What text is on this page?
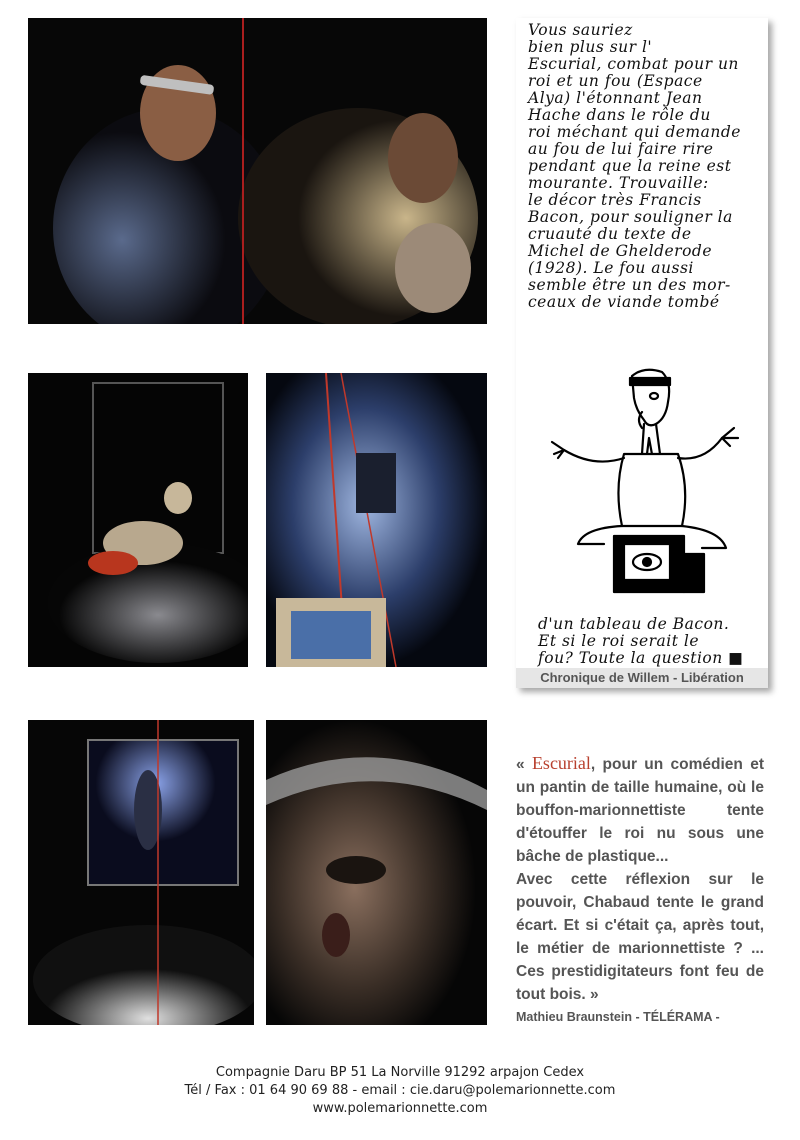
Vous sauriez
bien plus sur l'
Escurial, combat pour un
roi et un fou (Espace
Alya) l'étonnant Jean
Hache dans le rôle du
roi méchant qui demande
au fou de lui faire rire
pendant que la reine est
mourante. Trouvaille:
le décor très Francis
Bacon, pour souligner la
cruauté du texte de
Michel de Ghelderode
(1928). Le fou aussi
semble être un des mor-
ceaux de viande tombé
d'un tableau de Bacon.
Et si le roi serait le
fou? Toute la question ■
Chronique de Willem - Libération

« Escurial, pour un comédien et un pantin de taille humaine, où le bouffon-marionnettiste tente d'étouffer le roi nu sous une bâche de plastique...

Avec cette réflexion sur le pouvoir, Chabaud tente le grand écart. Et si c'était ça, après tout, le métier de marionnettiste ? ... Ces prestidigitateurs font feu de tout bois. »

Mathieu Braunstein - TÉLÉRAMA -
Compagnie Daru BP 51 La Norville 91292 arpajon Cedex
Tél / Fax : 01 64 90 69 88 - email : cie.daru@polemarionnette.com
www.polemarionnette.com
